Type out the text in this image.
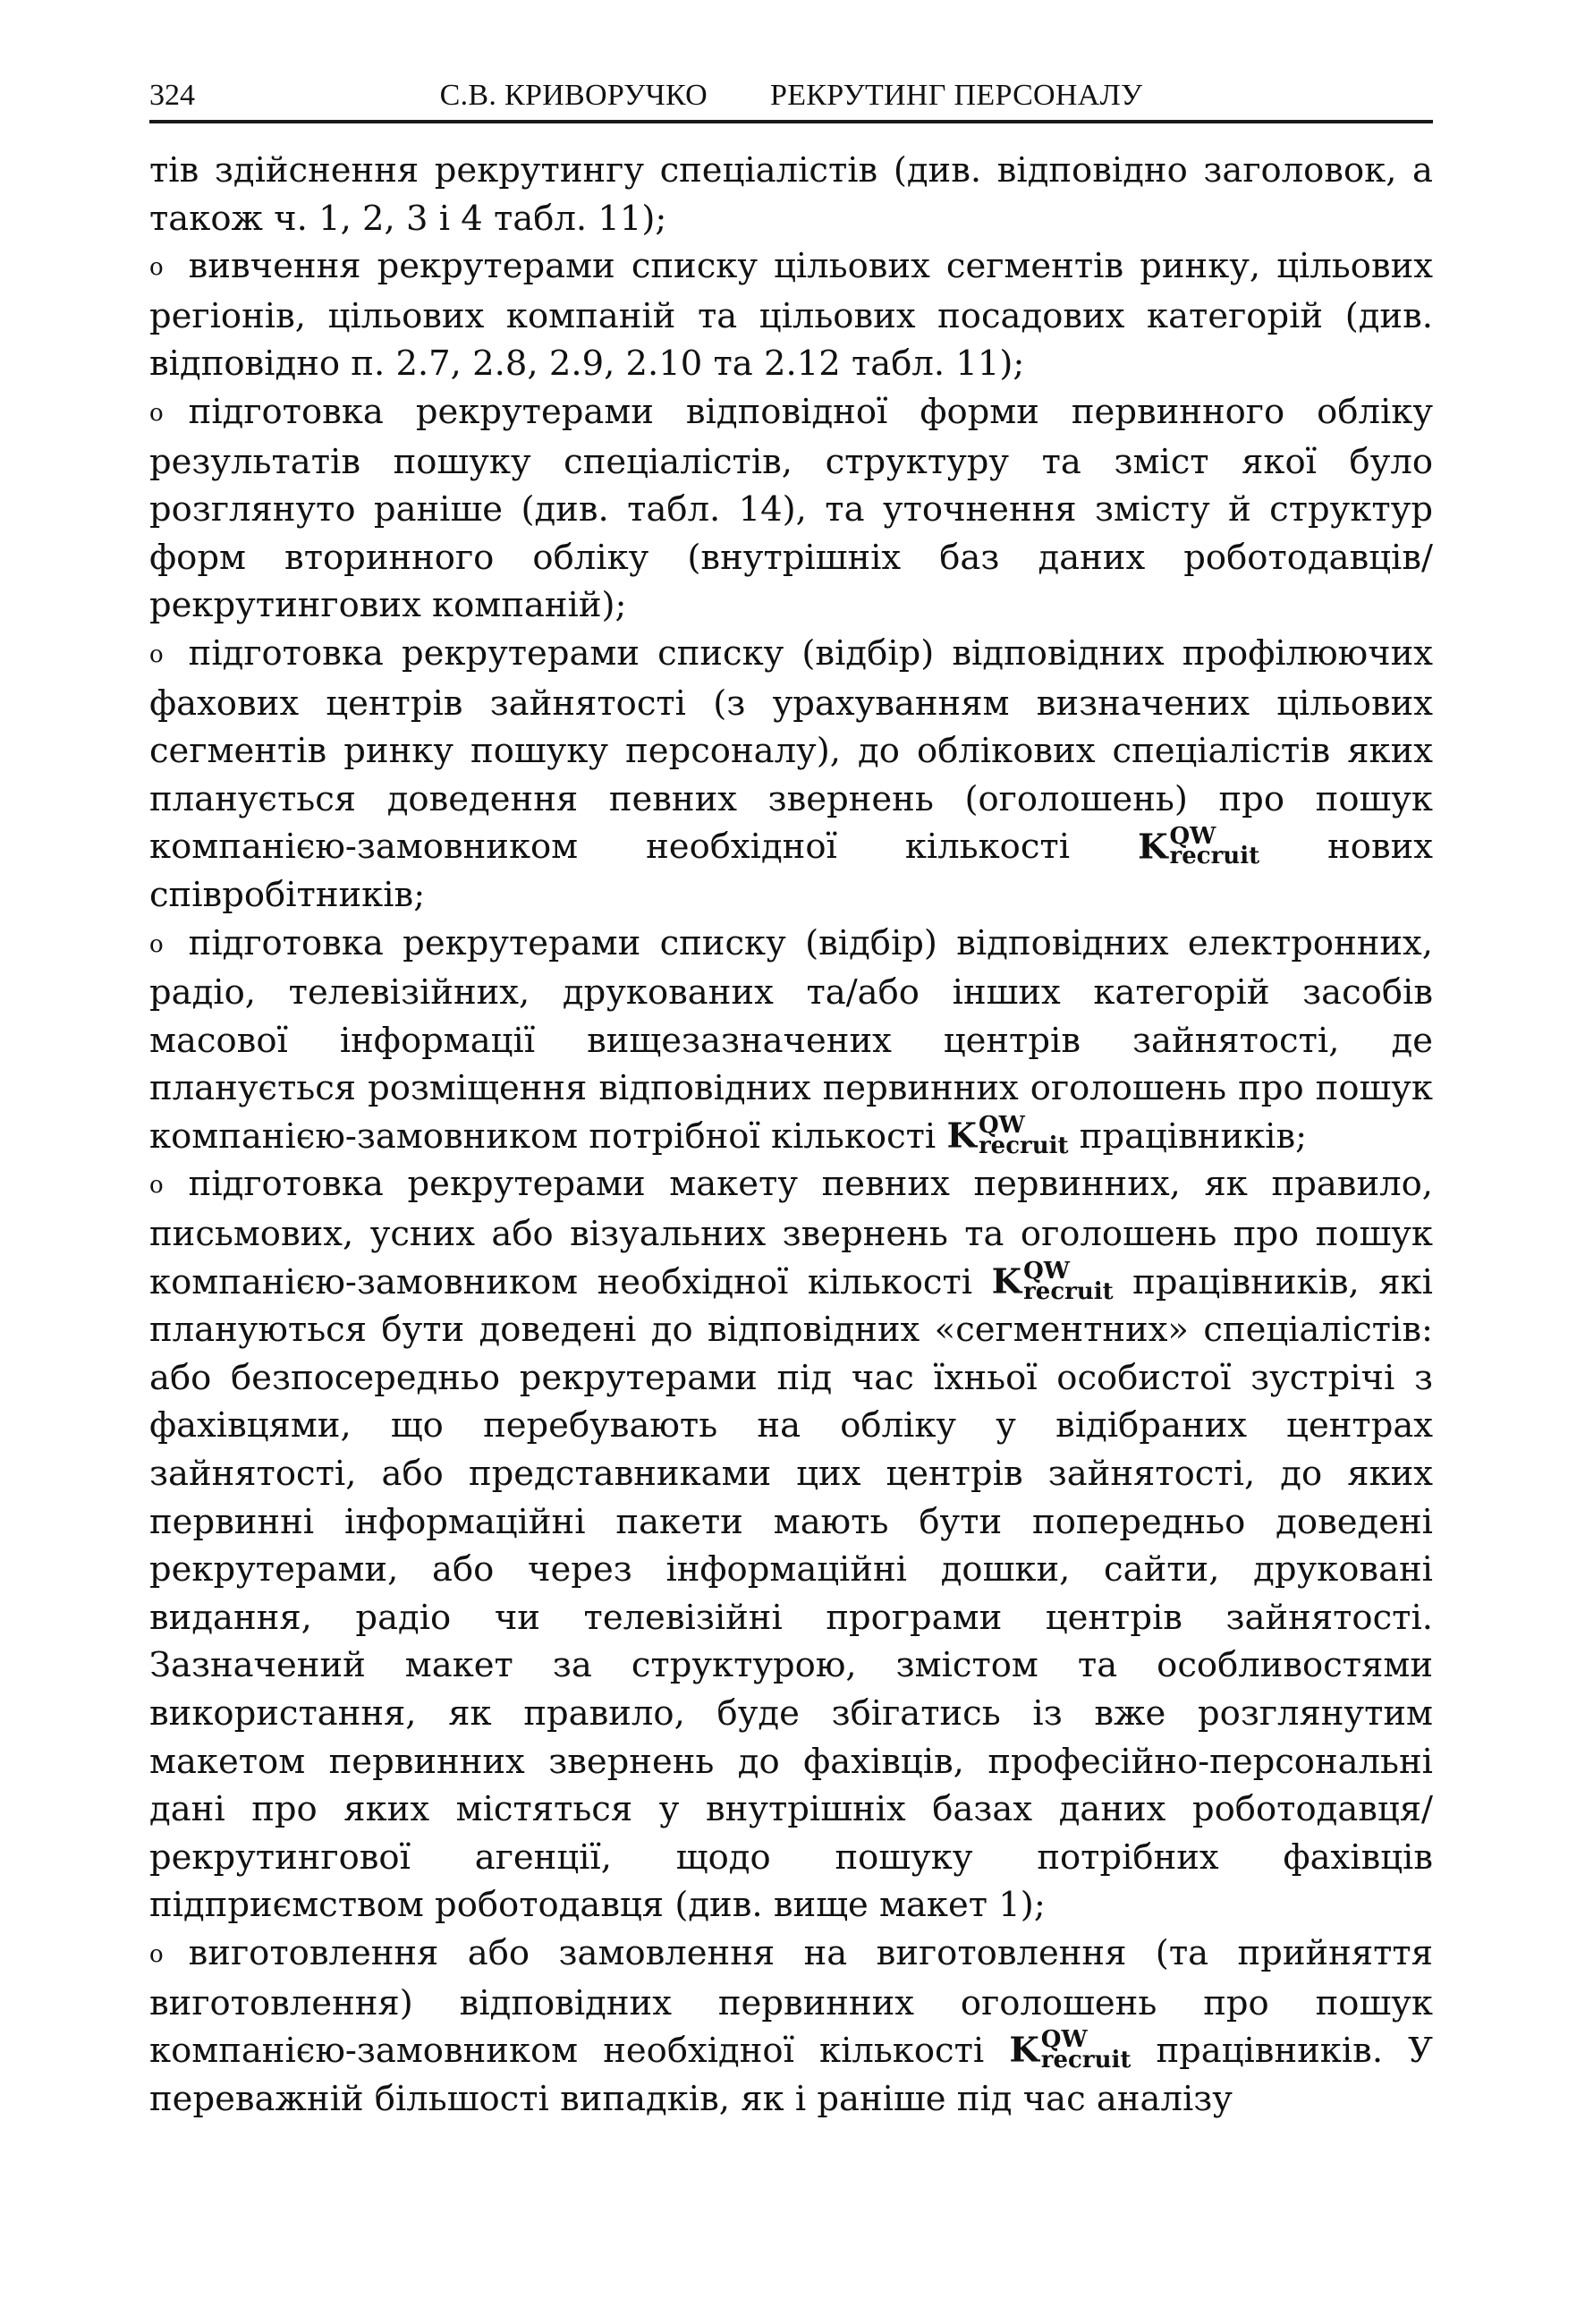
324	С.В. КРИВОРУЧКО РЕКРУТИНГ ПЕРСОНАЛУ

тів здійснення рекрутингу спеціалістів (див. відповідно заголовок, а також ч. 1, 2, 3 і 4 табл. 11);

o вивчення рекрутерами списку цільових сегментів ринку, цільових регіонів, цільових компаній та цільових посадових категорій (див. відповідно п. 2.7, 2.8, 2.9, 2.10 та 2.12 табл. 11);

o підготовка рекрутерами відповідної форми первинного обліку результатів пошуку спеціалістів, структуру та зміст якої було розглянуто раніше (див. табл. 14), та уточнення змісту й структур форм вторинного обліку (внутрішніх баз даних роботодавців/рекрутингових компаній);

o підготовка рекрутерами списку (відбір) відповідних профілюючих фахових центрів зайнятості (з урахуванням визначених цільових сегментів ринку пошуку персоналу), до облікових спеціалістів яких планується доведення певних звернень (оголошень) про пошук компанією-замовником необхідної кількості K QW
recruit нових співробітників;

o підготовка рекрутерами списку (відбір) відповідних електронних, радіо, телевізійних, друкованих та/або інших категорій засобів масової інформації вищезазначених центрів зайнятості, де планується розміщення відповідних первинних оголошень про пошук компанією-замовником потрібної кількості K QW
recruit працівників;

o підготовка рекрутерами макету певних первинних, як правило, письмових, усних або візуальних звернень та оголошень про пошук компанією-замовником необхідної кількості K QW
recruit працівників, які плануються бути доведені до відповідних «сегментних» спеціалістів: або безпосередньо рекрутерами під час їхньої особистої зустрічі з фахівцями, що перебувають на обліку у відібраних центрах зайнятості, або представниками цих центрів зайнятості, до яких первинні інформаційні пакети мають бути попередньо доведені рекрутерами, або через інформаційні дошки, сайти, друковані видання, радіо чи телевізійні програми центрів зайнятості. Зазначений макет за структурою, змістом та особливостями використання, як правило, буде збігатись із вже розглянутим макетом первинних звернень до фахівців, професійно-персональні дані про яких містяться у внутрішніх базах даних роботодавця/рекрутингової агенції, щодо пошуку потрібних фахівців підприємством роботодавця (див. вище макет 1);

o виготовлення або замовлення на виготовлення (та прийняття виготовлення) відповідних первинних оголошень про пошук компанією-замовником необхідної кількості K QW
recruit працівників. У переважній більшості випадків, як і раніше під час аналізу
